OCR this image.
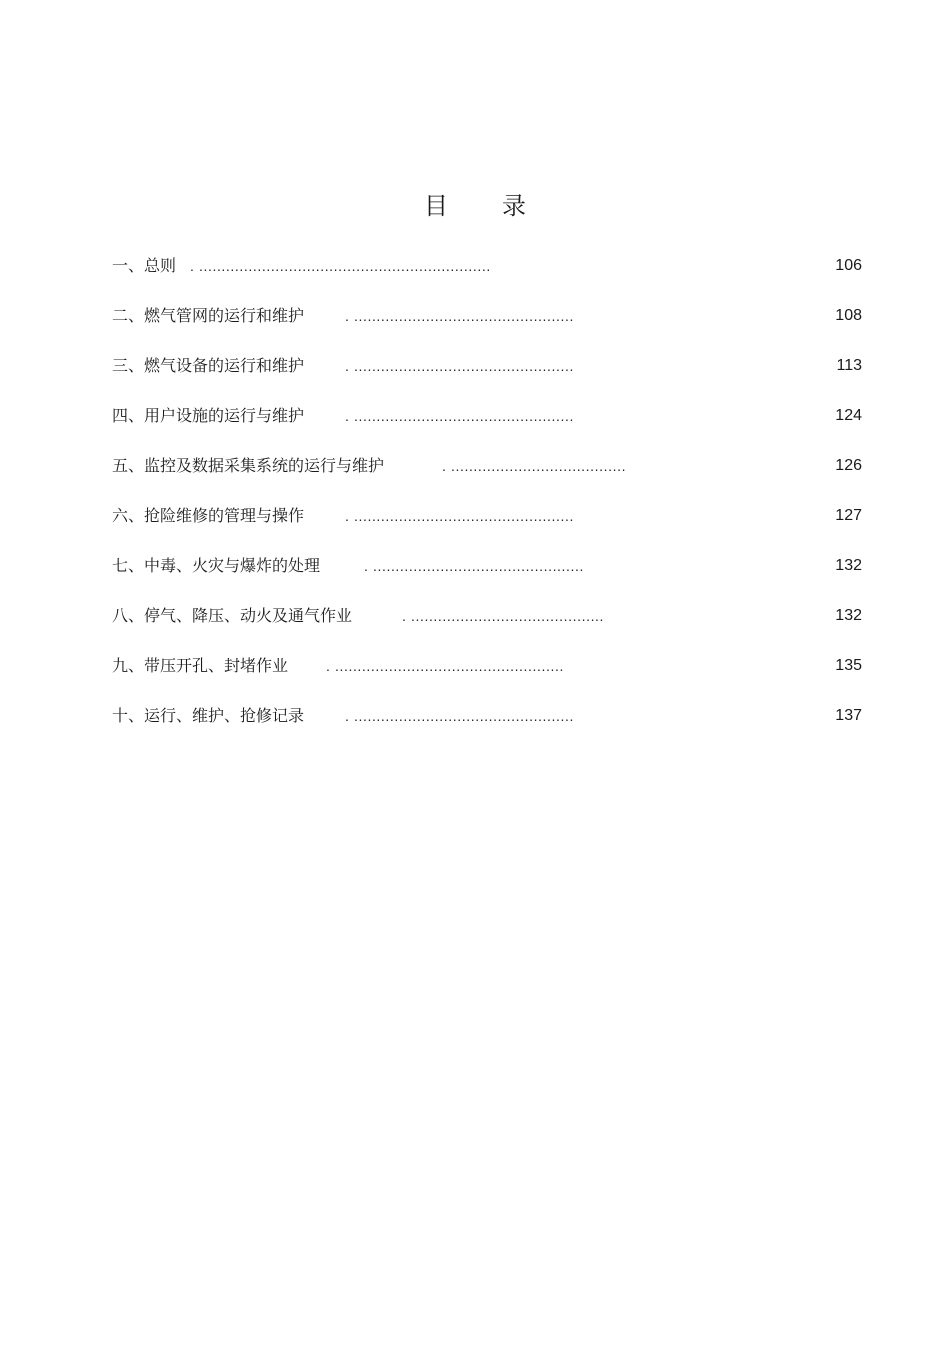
目 录
一、总则 . .................................................................	106
二、燃气管网的运行和维护	. .................................................	108
三、燃气设备的运行和维护	. .................................................	113
四、用户设施的运行与维护	. .................................................	124
五、监控及数据采集系统的运行与维护	. .......................................	126
六、抢险维修的管理与操作	. .................................................	127
七、中毒、火灾与爆炸的处理	. ...............................................	132
八、停气、降压、动火及通气作业	. ...........................................	132
九、带压开孔、封堵作业	. ...................................................	135
十、运行、维护、抢修记录	. .................................................	137
